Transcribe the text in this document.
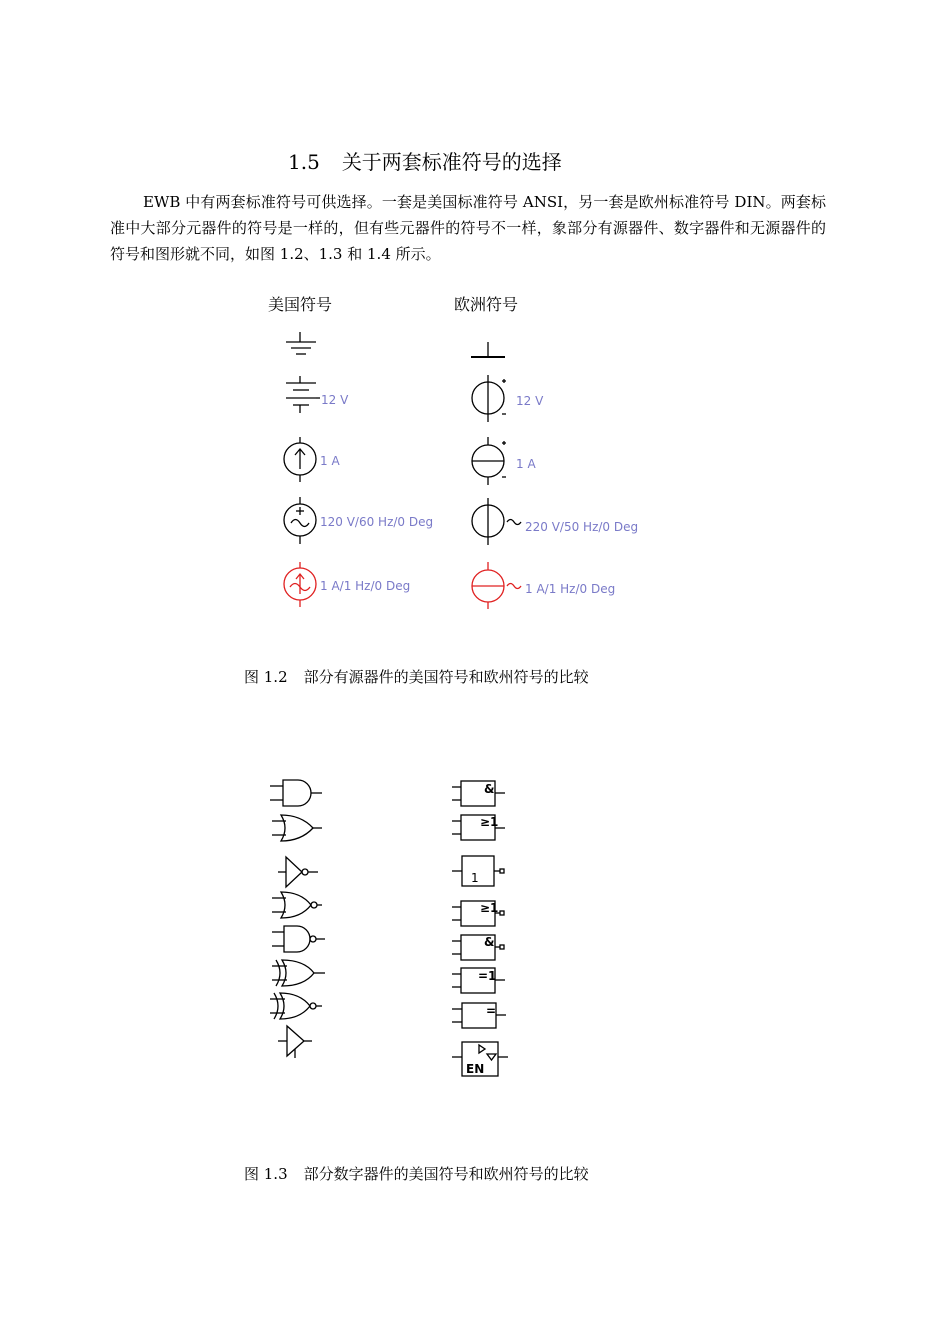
1.5 关于两套标准符号的选择
EWB 中有两套标准符号可供选择。一套是美国标准符号 ANSI，另一套是欧州标准符号 DIN。两套标准中大部分元器件的符号是一样的，但有些元器件的符号不一样，象部分有源器件、数字器件和无源器件的符号和图形就不同，如图 1.2、1.3 和 1.4 所示。
美国符号	欧洲符号
12 V
1 A
120 V/60 Hz/0 Deg
1 A/1 Hz/0 Deg
12 V
1 A
220 V/50 Hz/0 Deg
1 A/1 Hz/0 Deg
&
≥1
1
≥1
&
=1
=
EN
图 1.2 部分有源器件的美国符号和欧州符号的比较
图 1.3 部分数字器件的美国符号和欧州符号的比较
